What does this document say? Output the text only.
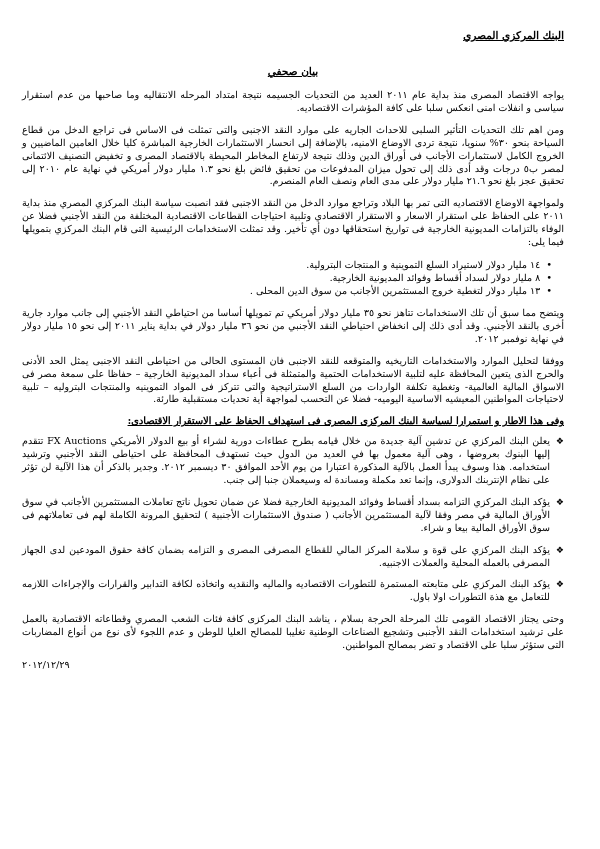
البنك المركزي المصري
بيان صحفي

يواجه الاقتصاد المصرى منذ بداية عام ٢٠١١ العديد من التحديات الجسيمه نتيجة امتداد المرحله الانتقاليه وما صاحبها من عدم استقرار سياسى و انفلات امنى انعكس سلبا على كافة المؤشرات الاقتصاديه.

ومن اهم تلك التحديات التأثير السلبى للاحداث الجاريه على موارد النقد الاجنبى والتى تمثلت فى الاساس فى تراجع الدخل من قطاع السياحة بنحو ٣٠% سنويا، نتيجة تردى الاوضاع الامنيه، بالإضافة إلى انحسار الاستثمارات الخارجية المباشرة كليا خلال العامين الماضيين و الخروج الكامل لاستثمارات الأجانب فى أوراق الدين وذلك نتيجة لارتفاع المخاطر المحيطة بالاقتصاد المصرى و تخفيض التصنيف الائتمانى لمصر ب٥ درجات وقد أدى ذلك إلى تحول ميزان المدفوعات من تحقيق فائض بلغ نحو ١.٣ مليار دولار أمريكي في نهاية عام ٢٠١٠ إلى تحقيق عجز بلغ نحو ٢١.٦ مليار دولار على مدى العام ونصف العام المنصرم.

ولمواجهة الاوضاع الاقتصاديه التى تمر بها البلاد وتراجع موارد الدخل من النقد الاجنبى فقد انصبت سياسة البنك المركزي المصري منذ بداية ٢٠١١ على الحفاظ على استقرار الاسعار و الاستقرار الاقتصادي وتلبية احتياجات القطاعات الاقتصادية المختلفة من النقد الأجنبي فضلا عن الوفاء بالتزامات المديونية الخارجية فى تواريخ استحقاقها دون أي تأخير. وقد تمثلت الاستخدامات الرئيسية التى قام البنك المركزي بتمويلها فيما يلى:

• ١٤ مليار دولار لاستيراد السلع التموينية و المنتجات البترولية.
• ٨ مليار دولار لسداد أقساط وفوائد المديونية الخارجية.
• ١٣ مليار دولار لتغطية خروج المستثمرين الأجانب من سوق الدين المحلى .

ويتضح مما سبق أن تلك الاستخدامات تتاهز نحو ٣٥ مليار دولار أمريكي تم تمويلها أساسا من احتياطي النقد الأجنبي إلى جانب موارد جارية أخرى بالنقد الأجنبي. وقد أدى ذلك إلى انخفاض احتياطي النقد الأجنبي من نحو ٣٦ مليار دولار في بداية يناير ٢٠١١ إلى نحو ١٥ مليار دولار في نهاية نوفمبر ٢٠١٢.

ووفقا لتحليل الموارد والاستخدامات التاريخيه والمتوقعه للنقد الاجنبى فان المستوى الحالى من احتياطى النقد الاجنبى يمثل الحد الأدنى والحرج الذى يتعين المحافظة عليه لتلبية الاستخدامات الحتمية والمتمثلة فى أعباء سداد المديونية الخارجية – حفاظا على سمعة مصر فى الاسواق المالية العالمية- وتغطية تكلفة الواردات من السلع الاستراتيجية والتى تتركز فى المواد التموينيه والمنتجات البتروليه – تلبية لاحتياجات المواطنين المعيشيه الاساسية اليوميه- فضلا عن التحسب لمواجهة أية تحديات مستقبلية طارئة.

وفى هذا الاطار و استمرارا لسياسة البنك المركزى المصرى فى استهداف الحفاظ على الاستقرار الاقتصادى:
❖
يعلن البنك المركزي عن تدشين آلية جديدة من خلال قيامه بطرح عطاءات دورية لشراء أو بيع الدولار الأمريكي FX Auctions تتقدم إليها البنوك بعروضها ، وهى آلية معمول بها في العديد من الدول حيث تستهدف المحافظة على احتياطى النقد الأجنبي وترشيد استخدامه. هذا وسوف يبدأ العمل بالآلية المذكورة اعتبارا من يوم الأحد الموافق ٣٠ ديسمبر ٢٠١٢. وجدير بالذكر أن هذا الآلية لن تؤثر على نظام الإنتربنك الدولارى، وإنما تعد مكملة ومساندة له وسيعملان جنبا إلى جنب.
❖
يؤكد البنك المركزي التزامه بسداد أقساط وفوائد المديونية الخارجية فضلا عن ضمان تحويل ناتج تعاملات المستثمرين الأجانب في سوق الأوراق المالية في مصر وفقا لآلية المستثمرين الأجانب ( صندوق الاستثمارات الأجنبية ) لتحقيق المرونة الكاملة لهم فى تعاملاتهم فى سوق الأوراق المالية بيعا و شراء.
❖
يؤكد البنك المركزي على قوة و سلامة المركز المالي للقطاع المصرفى المصرى و التزامه بضمان كافة حقوق المودعين لدى الجهاز المصرفى بالعمله المحلية والعملات الاجنبيه.
❖
يؤكد البنك المركزي على متابعته المستمرة للتطورات الاقتصاديه والماليه والنقديه واتخاذه لكافة التدابير والقرارات والإجراءات اللازمه للتعامل مع هذة التطورات اولا باول.

وحتى يجتاز الاقتصاد القومى تلك المرحلة الحرجة بسلام ، يناشد البنك المركزى كافة فئات الشعب المصري وقطاعاته الاقتصادية بالعمل على ترشيد استخدامات النقد الأجنبى وتشجيع الصناعات الوطنية تغليبا للمصالح العليا للوطن و عدم اللجوء لأى نوع من أنواع المضاربات التى ستؤثر سلبا على الاقتصاد و تضر بمصالح المواطنين.

٢٠١٢/١٢/٢٩
